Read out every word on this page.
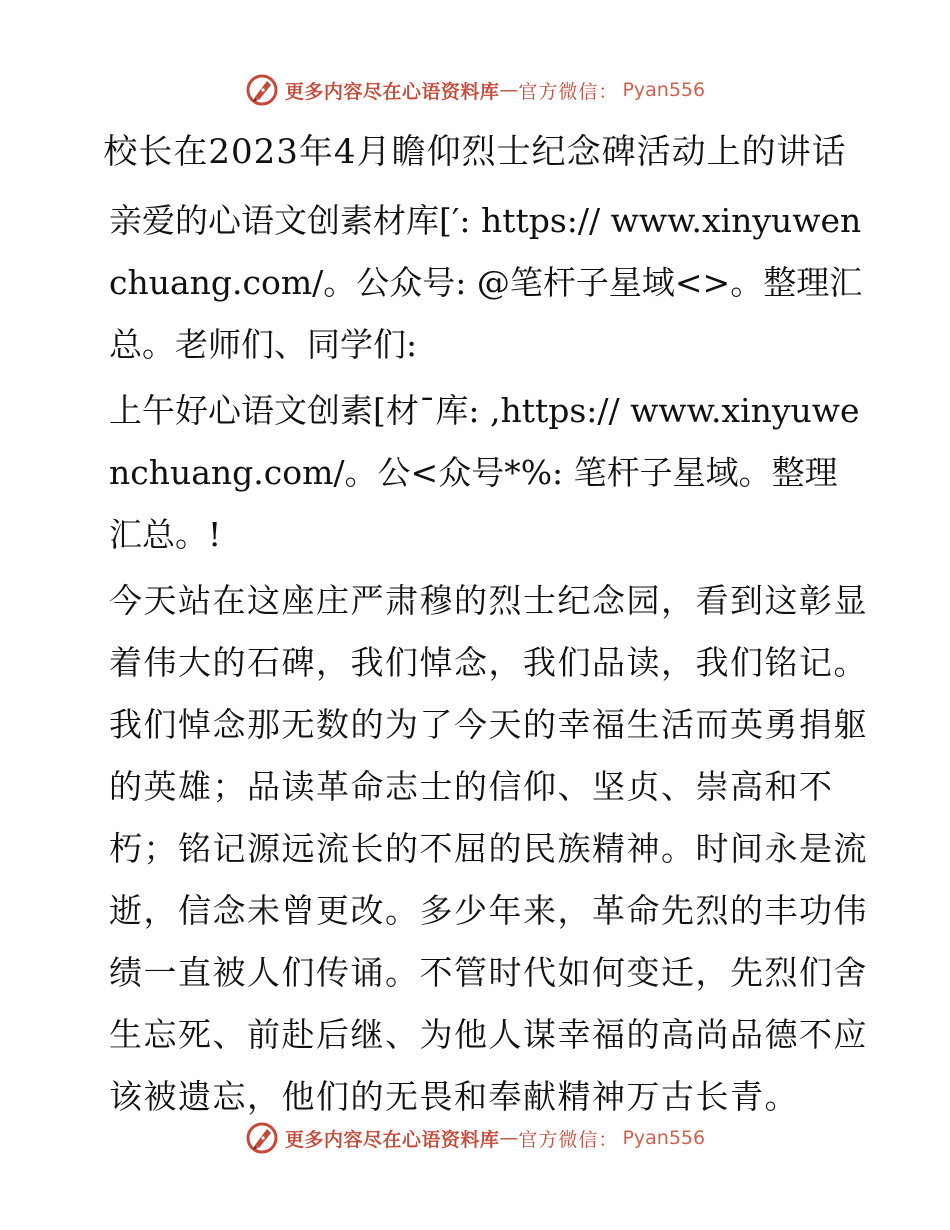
更多内容尽在心语资料库 — 官方微信： Pyan556
校长在2023年4月瞻仰烈士纪念碑活动上的讲话

亲爱的心语文创素材库[′: https:// www.xinyuwenchuang.com/。公众号: @笔杆子星域<>。整理汇总。老师们、同学们:

上午好心语文创素[材¯库: ,https:// www.xinyuwenchuang.com/。公<众号*%: 笔杆子星域。整理汇总。!

今天站在这座庄严肃穆的烈士纪念园，看到这彰显着伟大的石碑，我们悼念，我们品读，我们铭记。我们悼念那无数的为了今天的幸福生活而英勇捐躯的英雄；品读革命志士的信仰、坚贞、崇高和不朽；铭记源远流长的不屈的民族精神。时间永是流逝，信念未曾更改。多少年来，革命先烈的丰功伟绩一直被人们传诵。不管时代如何变迁，先烈们舍生忘死、前赴后继、为他人谋幸福的高尚品德不应该被遗忘，他们的无畏和奉献精神万古长青。

更多内容尽在心语资料库 — 官方微信： Pyan556
